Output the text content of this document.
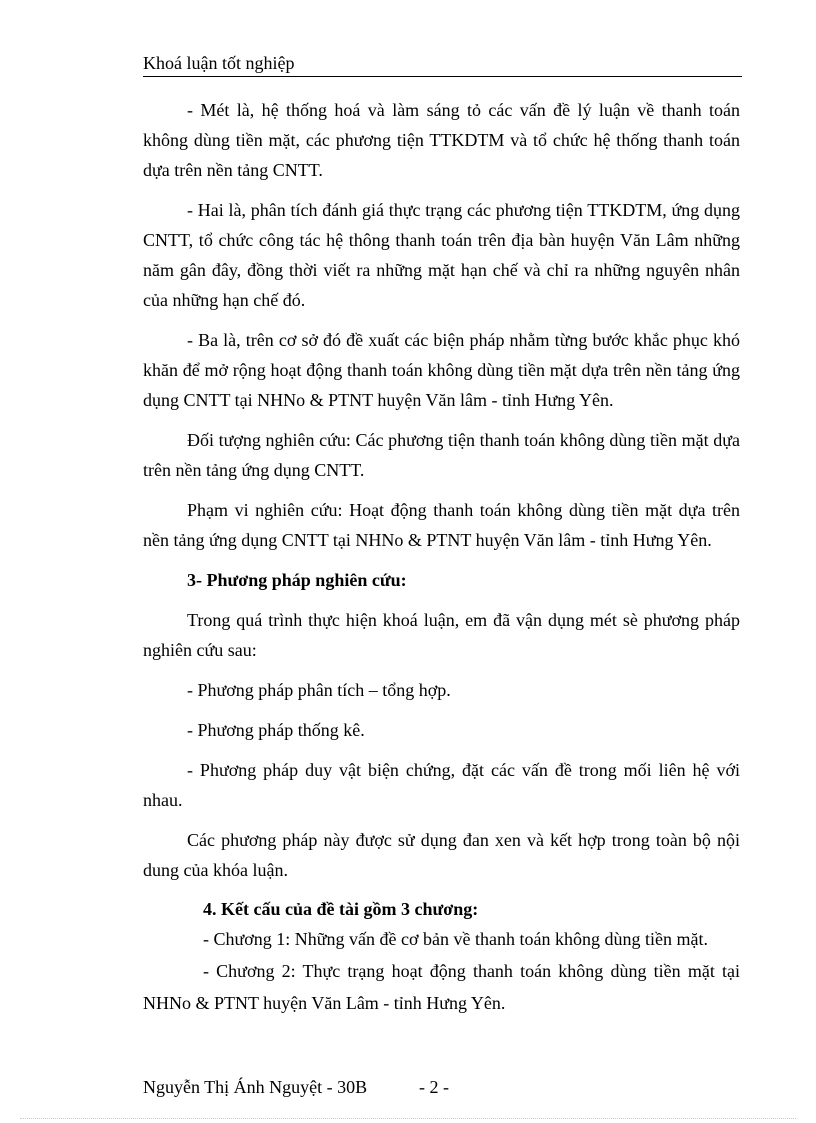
Khoá luận tốt nghiệp

- Mét là, hệ thống hoá và làm sáng tỏ các vấn đề lý luận về thanh toán không dùng tiền mặt, các phương tiện TTKDTM và tổ chức hệ thống thanh toán dựa trên nền tảng CNTT.

- Hai là, phân tích đánh giá thực trạng các phương tiện TTKDTM, ứng dụng CNTT, tổ chức công tác hệ thông thanh toán trên địa bàn huyện Văn Lâm những năm gân đây, đồng thời viết ra những mặt hạn chế và chỉ ra những nguyên nhân của những hạn chế đó.

- Ba là, trên cơ sở đó đề xuất các biện pháp nhằm từng bước khắc phục khó khăn để mở rộng hoạt động thanh toán không dùng tiền mặt dựa trên nền tảng ứng dụng CNTT tại NHNo & PTNT huyện Văn lâm - tỉnh Hưng Yên.

Đối tượng nghiên cứu: Các phương tiện thanh toán không dùng tiền mặt dựa trên nền tảng ứng dụng CNTT.

Phạm vi nghiên cứu: Hoạt động thanh toán không dùng tiền mặt dựa trên nền tảng ứng dụng CNTT tại NHNo & PTNT huyện Văn lâm - tỉnh Hưng Yên.

3- Phương pháp nghiên cứu:

Trong quá trình thực hiện khoá luận, em đã vận dụng mét sè phương pháp nghiên cứu sau:

- Phương pháp phân tích – tổng hợp.

- Phương pháp thống kê.

- Phương pháp duy vật biện chứng, đặt các vấn đề trong mối liên hệ với nhau.

Các phương pháp này được sử dụng đan xen và kết hợp trong toàn bộ nội dung của khóa luận.

4. Kết cấu của đề tài gồm 3 chương:

- Chương 1: Những vấn đề cơ bản về thanh toán không dùng tiền mặt.

- Chương 2: Thực trạng hoạt động thanh toán không dùng tiền mặt tại NHNo & PTNT huyện Văn Lâm - tỉnh Hưng Yên.

Nguyễn Thị Ánh Nguyệt - 30B	- 2 -
